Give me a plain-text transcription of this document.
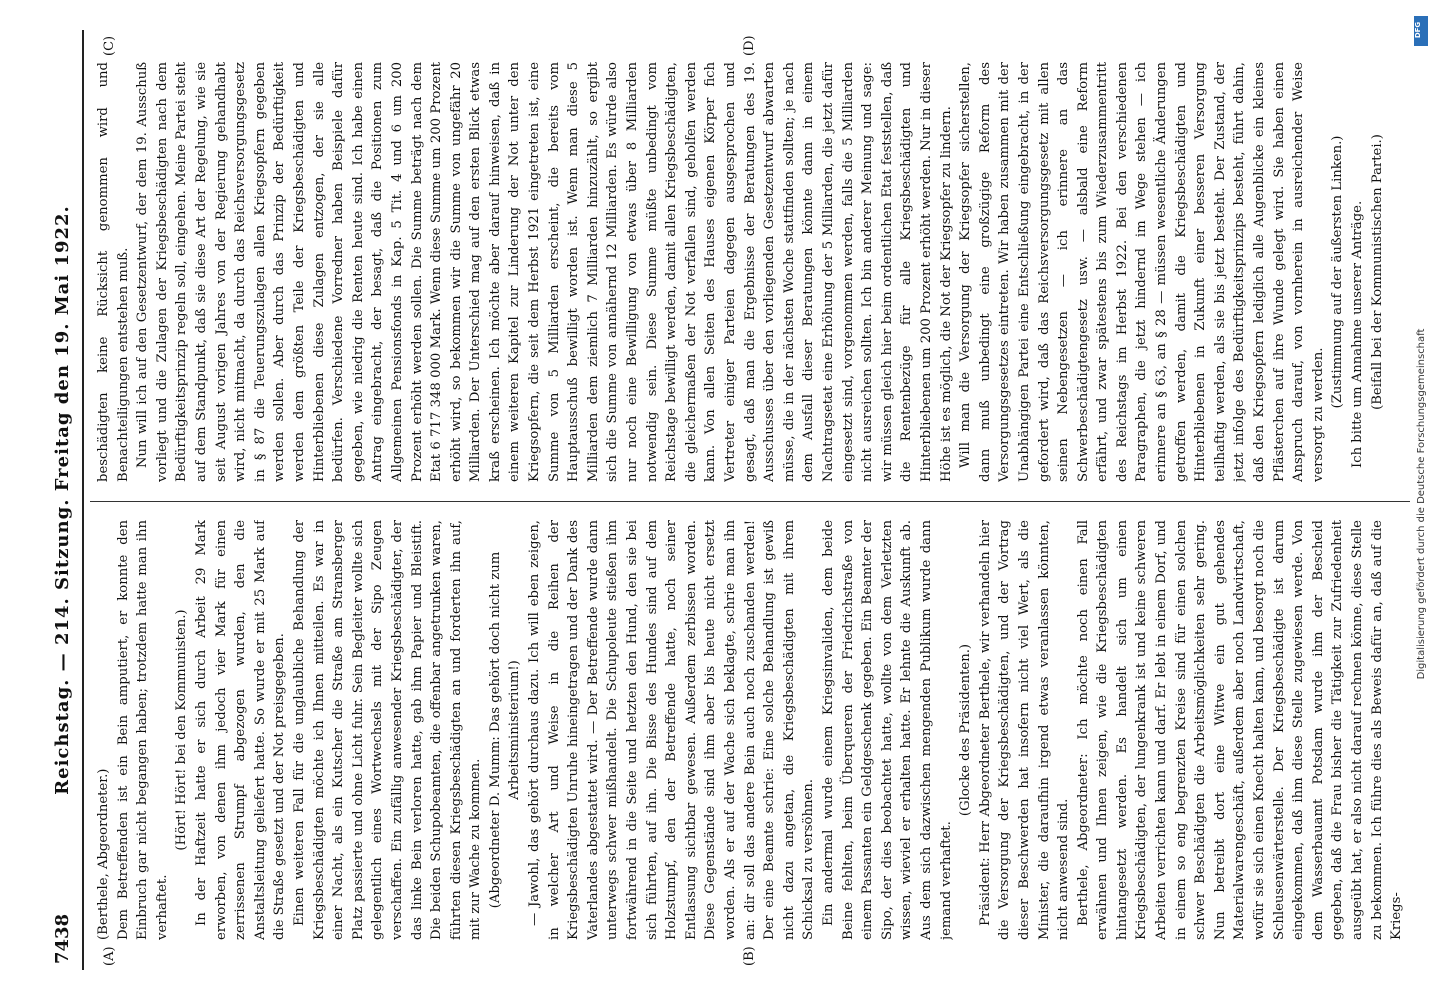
7438
Reichstag. — 214. Sitzung. Freitag den 19. Mai 1922.
(A)	(B)
(C)	(D)

(Berthele, Abgeordneter.) Dem Betreffenden ist ein Bein amputiert, er konnte den Einbruch gar nicht begangen haben; trotzdem hatte man ihn verhaftet.

(Hört! Hört! bei den Kommunisten.) In der Haftzeit hatte er sich durch Arbeit 29 Mark erworben, von denen ihm jedoch vier Mark für einen zerrissenen Strumpf abgezogen wurden, den die Anstaltsleitung geliefert hatte. So wurde er mit 25 Mark auf die Straße gesetzt und der Not preisgegeben. Einen weiteren Fall für die unglaubliche Behandlung der Kriegsbeschädigten möchte ich Ihnen mitteilen. Es war in einer Nacht, als ein Kutscher die Straße am Stransberger Platz passierte und ohne Licht fuhr. Sein Begleiter wollte sich gelegentlich eines Wortwechsels mit der Sipo Zeugen verschaffen. Ein zufällig anwesender Kriegsbeschädigter, der das linke Bein verloren hatte, gab ihm Papier und Bleistift. Die beiden Schupobeamten, die offenbar angetrunken waren, führten diesen Kriegsbeschädigten an und forderten ihn auf, mit zur Wache zu kommen. (Abgeordneter D. Mumm: Das gehört doch nicht zum Arbeitsministerium!) — Jawohl, das gehört durchaus dazu. Ich will eben zeigen, in welcher Art und Weise in die Reihen der Kriegsbeschädigten Unruhe hineingetragen und der Dank des Vaterlandes abgestattet wird. — Der Betreffende wurde dann unterwegs schwer mißhandelt. Die Schupoleute stießen ihm fortwährend in die Seite und hetzten den Hund, den sie bei sich führten, auf ihn. Die Bisse des Hundes sind auf dem Holzstumpf, den der Betreffende hatte, noch seiner Entlassung sichtbar gewesen. Außerdem zerbissen worden. Diese Gegenstände sind ihm aber bis heute nicht ersetzt worden. Als er auf der Wache sich beklagte, schrie man ihn an: dir soll das andere Bein auch noch zuschanden werden! Der eine Beamte schrie: Eine solche Behandlung ist gewiß nicht dazu angetan, die Kriegsbeschädigten mit ihrem Schicksal zu versöhnen. Ein andermal wurde einem Kriegsinvaliden, dem beide Beine fehlten, beim Überqueren der Friedrichstraße von einem Passanten ein Geldgeschenk gegeben. Ein Beamter der Sipo, der dies beobachtet hatte, wollte von dem Verletzten wissen, wieviel er erhalten hatte. Er lehnte die Auskunft ab. Aus dem sich dazwischen mengenden Publikum wurde dann jemand verhaftet.

(Glocke des Präsidenten.) Präsident: Herr Abgeordneter Berthele, wir verhandeln hier die Versorgung der Kriegsbeschädigten, und der Vortrag dieser Beschwerden hat insofern nicht viel Wert, als die Minister, die daraufhin irgend etwas veranlassen könnten, nicht anwesend sind. Berthele, Abgeordneter: Ich möchte noch einen Fall erwähnen und Ihnen zeigen, wie die Kriegsbeschädigten hintangesetzt werden. Es handelt sich um einen Kriegsbeschädigten, der lungenkrank ist und keine schweren Arbeiten verrichten kann und darf. Er lebt in einem Dorf, und in einem so eng begrenzten Kreise sind für einen solchen schwer Beschädigten die Arbeitsmöglichkeiten sehr gering. Nun betreibt dort eine Witwe ein gut gehendes Materialwarengeschäft, außerdem aber noch Landwirtschaft, wofür sie sich einen Knecht halten kann, und besorgt noch die Schleusenwärterstelle. Der Kriegsbeschädigte ist darum eingekommen, daß ihm diese Stelle zugewiesen werde. Von dem Wasserbauamt Potsdam wurde ihm der Bescheid gegeben, daß die Frau bisher die Tätigkeit zur Zufriedenheit ausgeübt hat, er also nicht darauf rechnen könne, diese Stelle zu bekommen. Ich führe dies als Beweis dafür an, daß auf die Kriegs-

beschädigten keine Rücksicht genommen wird und Benachteiligungen entstehen muß. Nun will ich auf den Gesetzentwurf, der dem 19. Ausschuß vorliegt und die Zulagen der Kriegsbeschädigten nach dem Bedürftigkeitsprinzip regeln soll, eingehen. Meine Partei steht auf dem Standpunkt, daß sie diese Art der Regelung, wie sie seit August vorigen Jahres von der Regierung gehandhabt wird, nicht mitmacht, da durch das Reichsversorgungsgesetz in § 87 die Teuerungszulagen allen Kriegsopfern gegeben werden sollen. Aber durch das Prinzip der Bedürftigkeit werden dem größten Teile der Kriegsbeschädigten und Hinterbliebenen diese Zulagen entzogen, der sie alle bedürfen. Verschiedene Vorredner haben Beispiele dafür gegeben, wie niedrig die Renten heute sind. Ich habe einen Antrag eingebracht, der besagt, daß die Positionen zum Allgemeinen Pensionsfonds in Kap. 5 Tit. 4 und 6 um 200 Prozent erhöht werden sollen. Die Summe beträgt nach dem Etat 6 717 348 000 Mark. Wenn diese Summe um 200 Prozent erhöht wird, so bekommen wir die Summe von ungefähr 20 Milliarden. Der Unterschied mag auf den ersten Blick etwas kraß erscheinen. Ich möchte aber darauf hinweisen, daß in einem weiteren Kapitel zur Linderung der Not unter den Kriegsopfern, die seit dem Herbst 1921 eingetreten ist, eine Summe von 5 Milliarden erscheint, die bereits vom Hauptausschuß bewilligt worden ist. Wenn man diese 5 Milliarden dem ziemlich 7 Milliarden hinzuzählt, so ergibt sich die Summe von annähernd 12 Milliarden. Es würde also nur noch eine Bewilligung von etwas über 8 Milliarden notwendig sein. Diese Summe müßte unbedingt vom Reichstage bewilligt werden, damit allen Kriegsbeschädigten, die gleichermaßen der Not verfallen sind, geholfen werden kann. Von allen Seiten des Hauses eigenen Körper fich Vertreter einiger Parteien dagegen ausgesprochen und gesagt, daß man die Ergebnisse der Beratungen des 19. Ausschusses über den vorliegenden Gesetzentwurf abwarten müsse, die in der nächsten Woche stattfinden sollten; je nach dem Ausfall dieser Beratungen könnte dann in einem Nachtragsetat eine Erhöhung der 5 Milliarden, die jetzt dafür eingesetzt sind, vorgenommen werden, falls die 5 Milliarden nicht ausreichen sollten. Ich bin anderer Meinung und sage: wir müssen gleich hier beim ordentlichen Etat feststellen, daß die Rentenbezüge für alle Kriegsbeschädigten und Hinterbliebenen um 200 Prozent erhöht werden. Nur in dieser Höhe ist es möglich, die Not der Kriegsopfer zu lindern. Will man die Versorgung der Kriegsopfer sicherstellen, dann muß unbedingt eine großzügige Reform des Versorgungsgesetzes eintreten. Wir haben zusammen mit der Unabhängigen Partei eine Entschließung eingebracht, in der gefordert wird, daß das Reichsversorgungsgesetz mit allen seinen Nebengesetzen — ich erinnere an das Schwerbeschädigtengesetz usw. — alsbald eine Reform erfährt, und zwar spätestens bis zum Wiederzusammentritt des Reichstags im Herbst 1922. Bei den verschiedenen Paragraphen, die jetzt hindernd im Wege stehen — ich erinnere an § 63, an § 28 — müssen wesentliche Änderungen getroffen werden, damit die Kriegsbeschädigten und Hinterbliebenen in Zukunft einer besseren Versorgung teilhaftig werden, als sie bis jetzt besteht. Der Zustand, der jetzt infolge des Bedürftigkeitsprinzips besteht, führt dahin, daß den Kriegsopfern lediglich alle Augenblicke ein kleines Pflästerchen auf ihre Wunde gelegt wird. Sie haben einen Anspruch darauf, von vornherein in ausreichender Weise versorgt zu werden.

(Zustimmung auf der äußersten Linken.) Ich bitte um Annahme unserer Anträge. (Beifall bei der Kommunistischen Partei.)

DFG
Digitalisierung gefördert durch die Deutsche Forschungsgemeinschaft
